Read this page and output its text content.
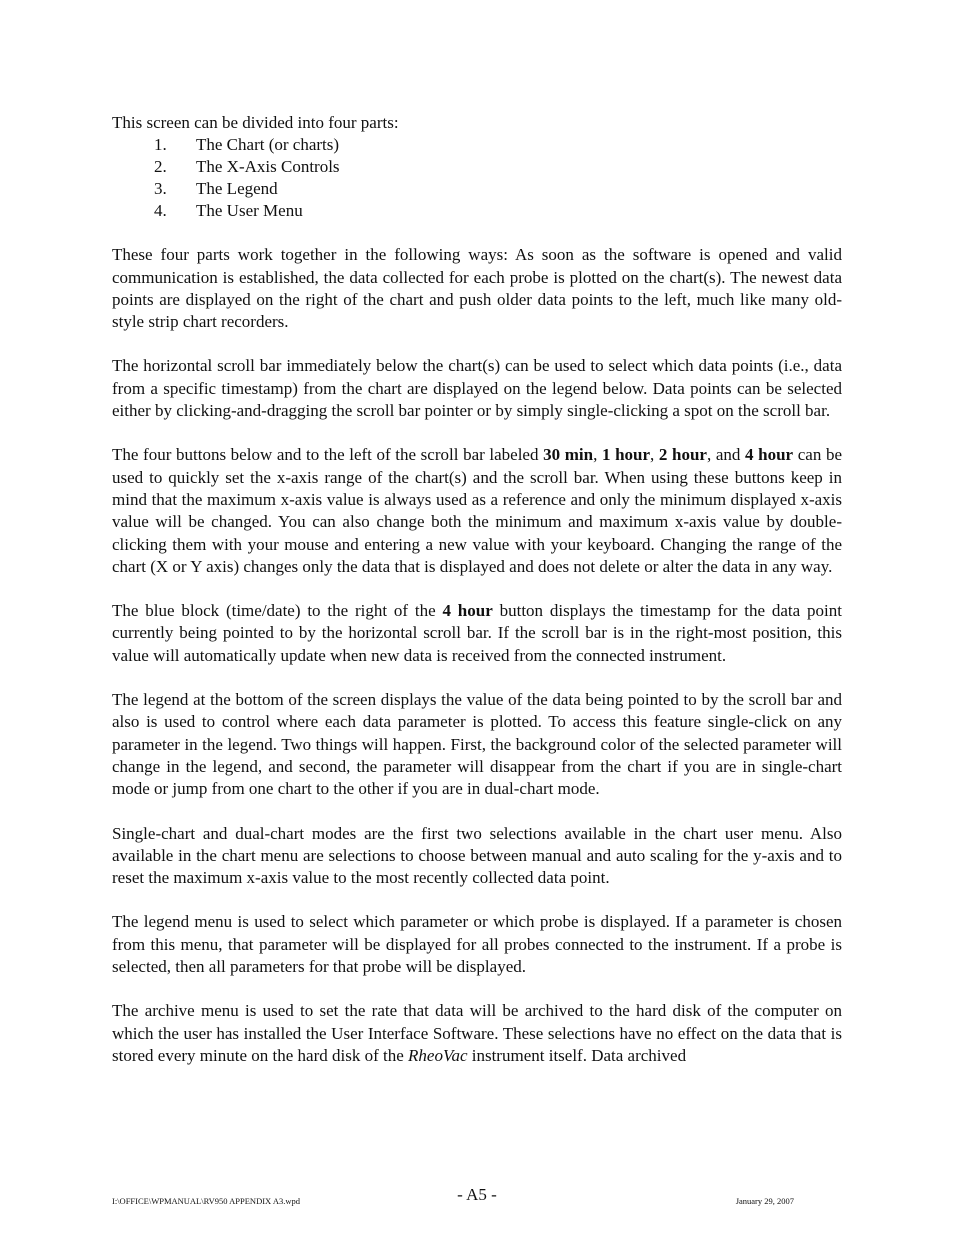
This screen can be divided into four parts:

1.	The Chart (or charts)
2.	The X-Axis Controls
3.	The Legend
4.	The User Menu

These four parts work together in the following ways: As soon as the software is opened and valid communication is established, the data collected for each probe is plotted on the chart(s). The newest data points are displayed on the right of the chart and push older data points to the left, much like many old-style strip chart recorders.

The horizontal scroll bar immediately below the chart(s) can be used to select which data points (i.e., data from a specific timestamp) from the chart are displayed on the legend below. Data points can be selected either by clicking-and-dragging the scroll bar pointer or by simply single-clicking a spot on the scroll bar.

The four buttons below and to the left of the scroll bar labeled 30 min, 1 hour, 2 hour, and 4 hour can be used to quickly set the x-axis range of the chart(s) and the scroll bar. When using these buttons keep in mind that the maximum x-axis value is always used as a reference and only the minimum displayed x-axis value will be changed. You can also change both the minimum and maximum x-axis value by double-clicking them with your mouse and entering a new value with your keyboard. Changing the range of the chart (X or Y axis) changes only the data that is displayed and does not delete or alter the data in any way.

The blue block (time/date) to the right of the 4 hour button displays the timestamp for the data point currently being pointed to by the horizontal scroll bar. If the scroll bar is in the right-most position, this value will automatically update when new data is received from the connected instrument.

The legend at the bottom of the screen displays the value of the data being pointed to by the scroll bar and also is used to control where each data parameter is plotted. To access this feature single-click on any parameter in the legend. Two things will happen. First, the background color of the selected parameter will change in the legend, and second, the parameter will disappear from the chart if you are in single-chart mode or jump from one chart to the other if you are in dual-chart mode.

Single-chart and dual-chart modes are the first two selections available in the chart user menu. Also available in the chart menu are selections to choose between manual and auto scaling for the y-axis and to reset the maximum x-axis value to the most recently collected data point.

The legend menu is used to select which parameter or which probe is displayed. If a parameter is chosen from this menu, that parameter will be displayed for all probes connected to the instrument. If a probe is selected, then all parameters for that probe will be displayed.

The archive menu is used to set the rate that data will be archived to the hard disk of the computer on which the user has installed the User Interface Software. These selections have no effect on the data that is stored every minute on the hard disk of the RheoVac instrument itself. Data archived

I:\OFFICE\WPMANUAL\RV950 APPENDIX A3.wpd	- A5 -	January 29, 2007
